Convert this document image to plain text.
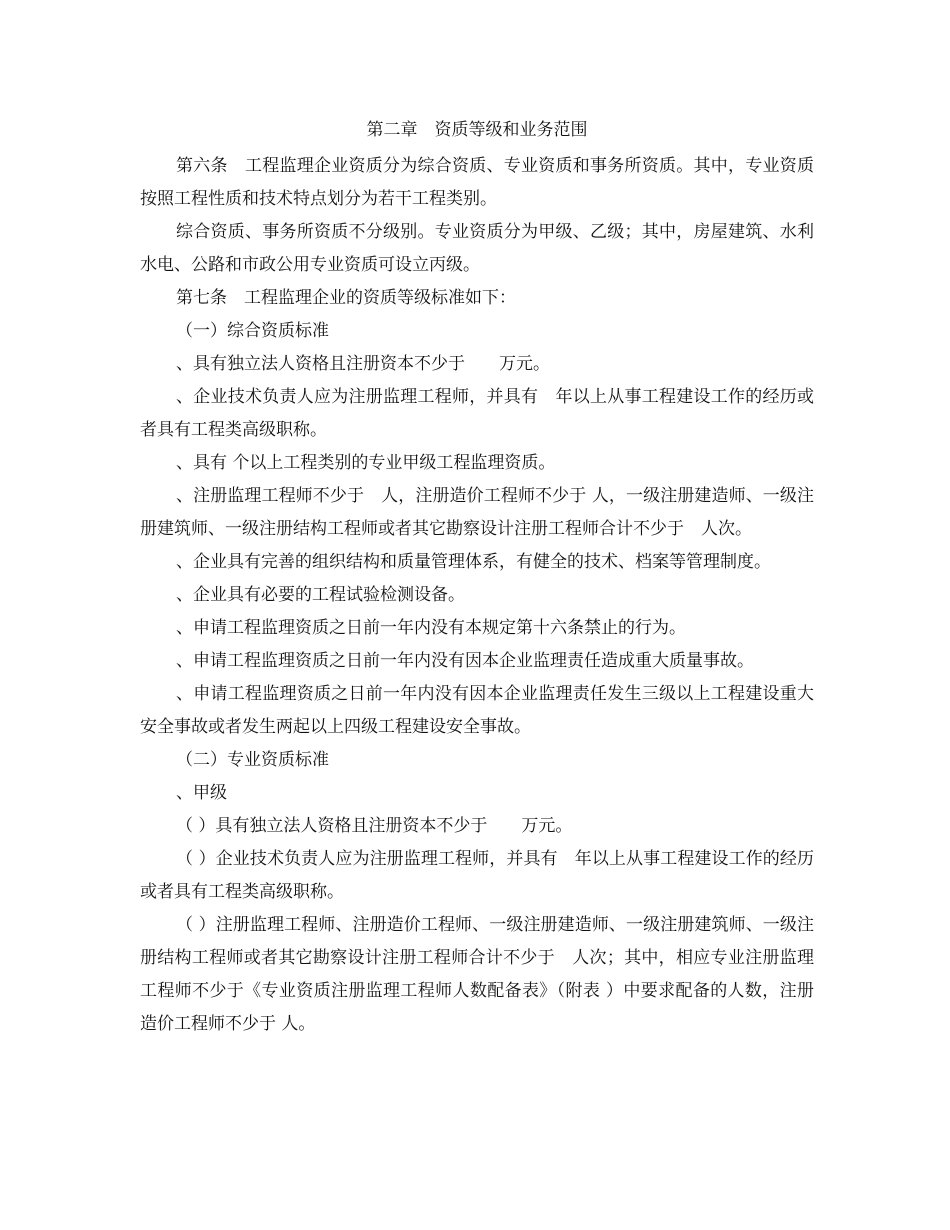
第二章　资质等级和业务范围

第六条　工程监理企业资质分为综合资质、专业资质和事务所资质。其中，专业资质按照工程性质和技术特点划分为若干工程类别。

综合资质、事务所资质不分级别。专业资质分为甲级、乙级；其中，房屋建筑、水利水电、公路和市政公用专业资质可设立丙级。

第七条　工程监理企业的资质等级标准如下：

（一）综合资质标准

、具有独立法人资格且注册资本不少于　　万元。

、企业技术负责人应为注册监理工程师，并具有　年以上从事工程建设工作的经历或者具有工程类高级职称。

、具有 个以上工程类别的专业甲级工程监理资质。

、注册监理工程师不少于　人，注册造价工程师不少于 人，一级注册建造师、一级注册建筑师、一级注册结构工程师或者其它勘察设计注册工程师合计不少于　人次。

、企业具有完善的组织结构和质量管理体系，有健全的技术、档案等管理制度。

、企业具有必要的工程试验检测设备。

、申请工程监理资质之日前一年内没有本规定第十六条禁止的行为。

、申请工程监理资质之日前一年内没有因本企业监理责任造成重大质量事故。

、申请工程监理资质之日前一年内没有因本企业监理责任发生三级以上工程建设重大安全事故或者发生两起以上四级工程建设安全事故。

（二）专业资质标准

、甲级

（ ）具有独立法人资格且注册资本不少于　　万元。

（ ）企业技术负责人应为注册监理工程师，并具有　年以上从事工程建设工作的经历或者具有工程类高级职称。

（ ）注册监理工程师、注册造价工程师、一级注册建造师、一级注册建筑师、一级注册结构工程师或者其它勘察设计注册工程师合计不少于　人次；其中，相应专业注册监理工程师不少于《专业资质注册监理工程师人数配备表》（附表 ）中要求配备的人数，注册造价工程师不少于 人。
